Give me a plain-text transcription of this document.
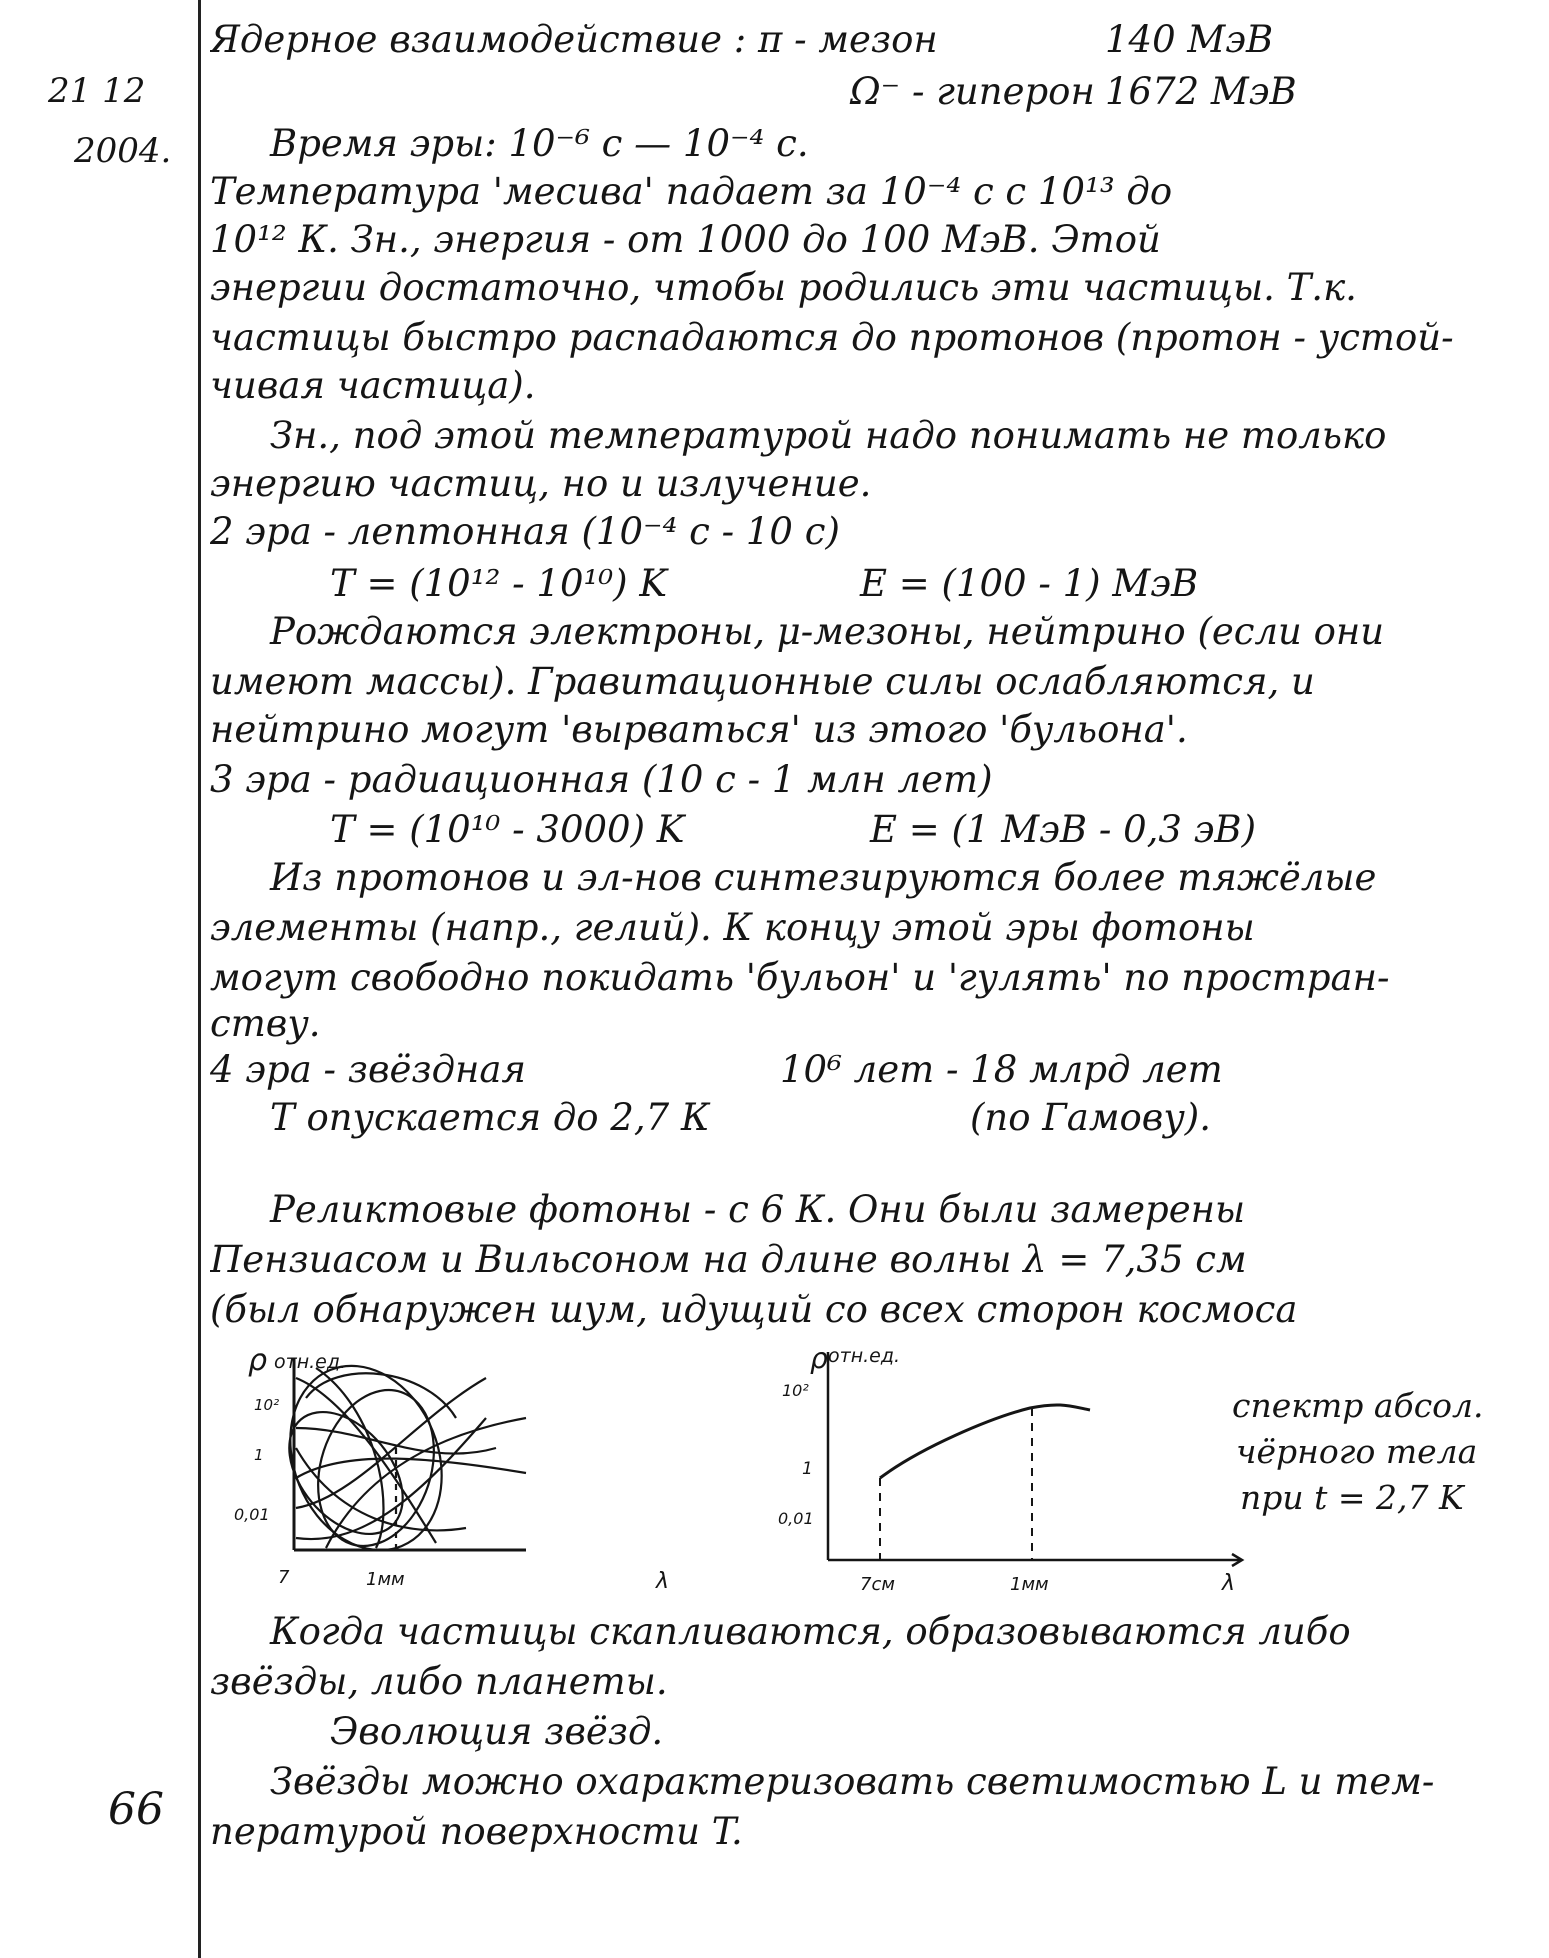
21 12
2004.
66
Ядерное взаимодействие : π - мезон	140 МэВ
Ω⁻ - гиперон 1672 МэВ
Время эры: 10⁻⁶ с — 10⁻⁴ с.
Температура 'месива' падает за 10⁻⁴ с с 10¹³ до
10¹² К. Зн., энергия - от 1000 до 100 МэВ. Этой
энергии достаточно, чтобы родились эти частицы. Т.к.
частицы быстро распадаются до протонов (протон - устой-
чивая частица).
Зн., под этой температурой надо понимать не только
энергию частиц, но и излучение.
2 эра - лептонная (10⁻⁴ с - 10 с)
T = (10¹² - 10¹⁰) K	E = (100 - 1) МэВ
Рождаются электроны, μ-мезоны, нейтрино (если они
имеют массы). Гравитационные силы ослабляются, и
нейтрино могут 'вырваться' из этого 'бульона'.
3 эра - радиационная (10 с - 1 млн лет)
T = (10¹⁰ - 3000) K	E = (1 МэВ - 0,3 эВ)
Из протонов и эл-нов синтезируются более тяжёлые
элементы (напр., гелий). К концу этой эры фотоны
могут свободно покидать 'бульон' и 'гулять' по простран-
ству.
4 эра - звёздная	10⁶ лет - 18 млрд лет
T опускается до 2,7 К	(по Гамову).
Реликтовые фотоны - с 6 К. Они были замерены
Пензиасом и Вильсоном на длине волны λ = 7,35 см
(был обнаружен шум, идущий со всех сторон космоса
ρ отн.ед.
10²
1
0,01
7	1мм	λ
ρ отн.ед.
10²
1
0,01
7см	1мм	λ
спектр абсол.
чёрного тела
при t = 2,7 K
Когда частицы скапливаются, образовываются либо
звёзды, либо планеты.
Эволюция звёзд.
Звёзды можно охарактеризовать светимостью L и тем-
пературой поверхности T.
